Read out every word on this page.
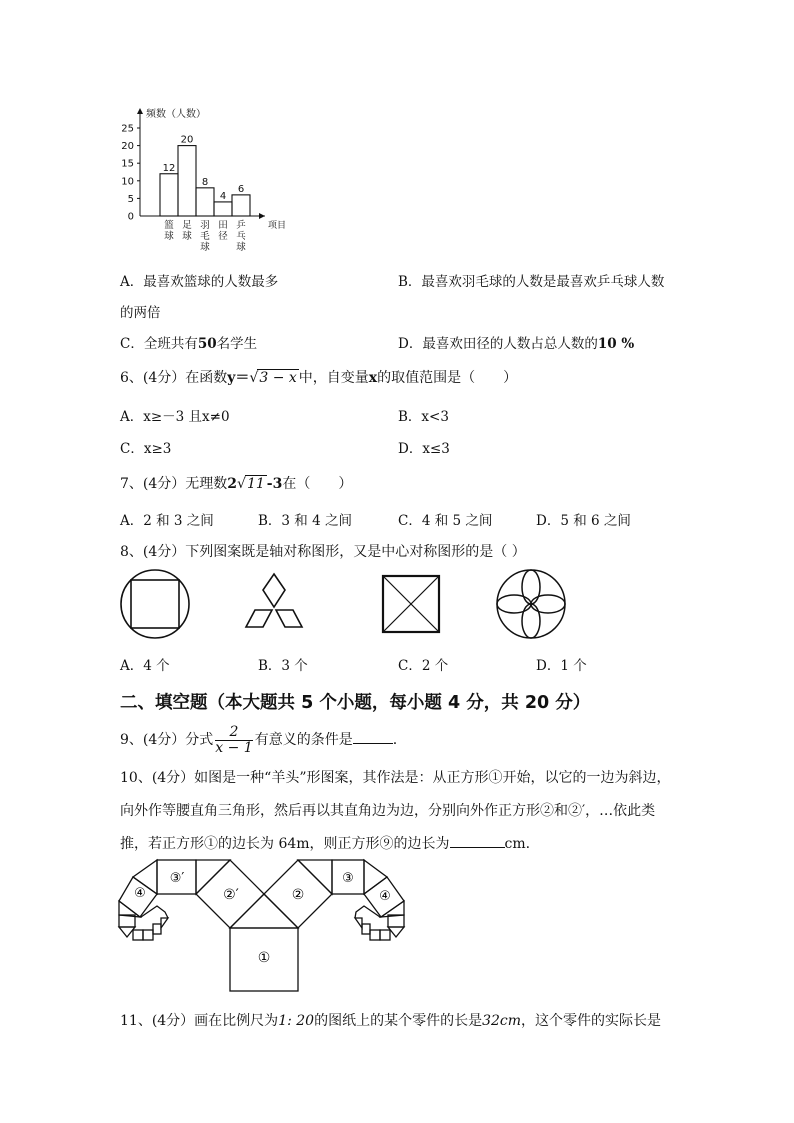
频数（人数）
项目
25
20
15
10
5
0
12
篮
球
20
足
球
8
羽
毛
球
4
田
径
6
乒
乓
球
A．最喜欢篮球的人数最多	B．最喜欢羽毛球的人数是最喜欢乒乓球人数
的两倍
C．全班共有50名学生	D．最喜欢田径的人数占总人数的10 %
6、(4分）在函数y＝√3 − x 中，自变量x的取值范围是（　　）
A．x≥－3 且x≠0	B．x<3
C．x≥3	D．x≤3
7、(4分）无理数2√11 -3在（　　）
A．2 和 3 之间	B．3 和 4 之间	C．4 和 5 之间	D．5 和 6 之间
8、(4分）下列图案既是轴对称图形，又是中心对称图形的是（ ）
A．4 个	B．3 个	C．2 个	D．1 个
二、填空题（本大题共 5 个小题，每小题 4 分，共 20 分）
9、(4分）分式 $\frac{2}{x - 1}$ 有意义的条件是	.
10、(4分）如图是一种“羊头”形图案，其作法是：从正方形①开始，以它的一边为斜边，
向外作等腰直角三角形，然后再以其直角边为边，分别向外作正方形②和②′，…依此类
推，若正方形①的边长为 64m，则正方形⑨的边长为	cm.
①
②
②′
③
③′
④
④
11、(4分）画在比例尺为1: 20的图纸上的某个零件的长是32cm，这个零件的实际长是
